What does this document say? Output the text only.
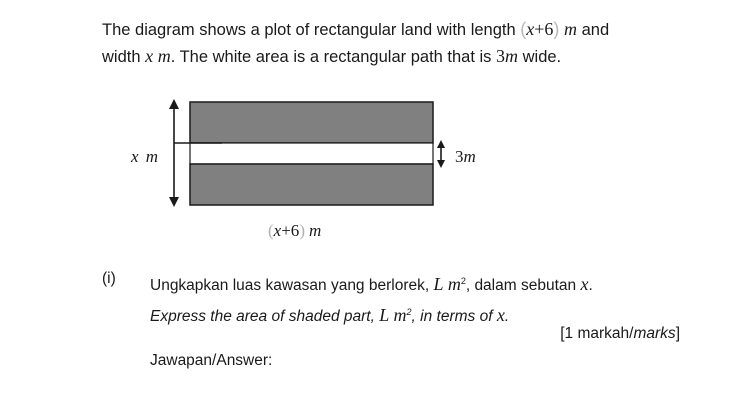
The diagram shows a plot of rectangular land with length (x+6) m and
width x m. The white area is a rectangular path that is 3m wide.

x m	3m
(x+6) m
(i) Ungkapkan luas kawasan yang berlorek, L $m^2$, dalam sebutan x.
Express the area of shaded part, L $m^2$, in terms of x.
[1 markah/marks]
Jawapan/Answer:
